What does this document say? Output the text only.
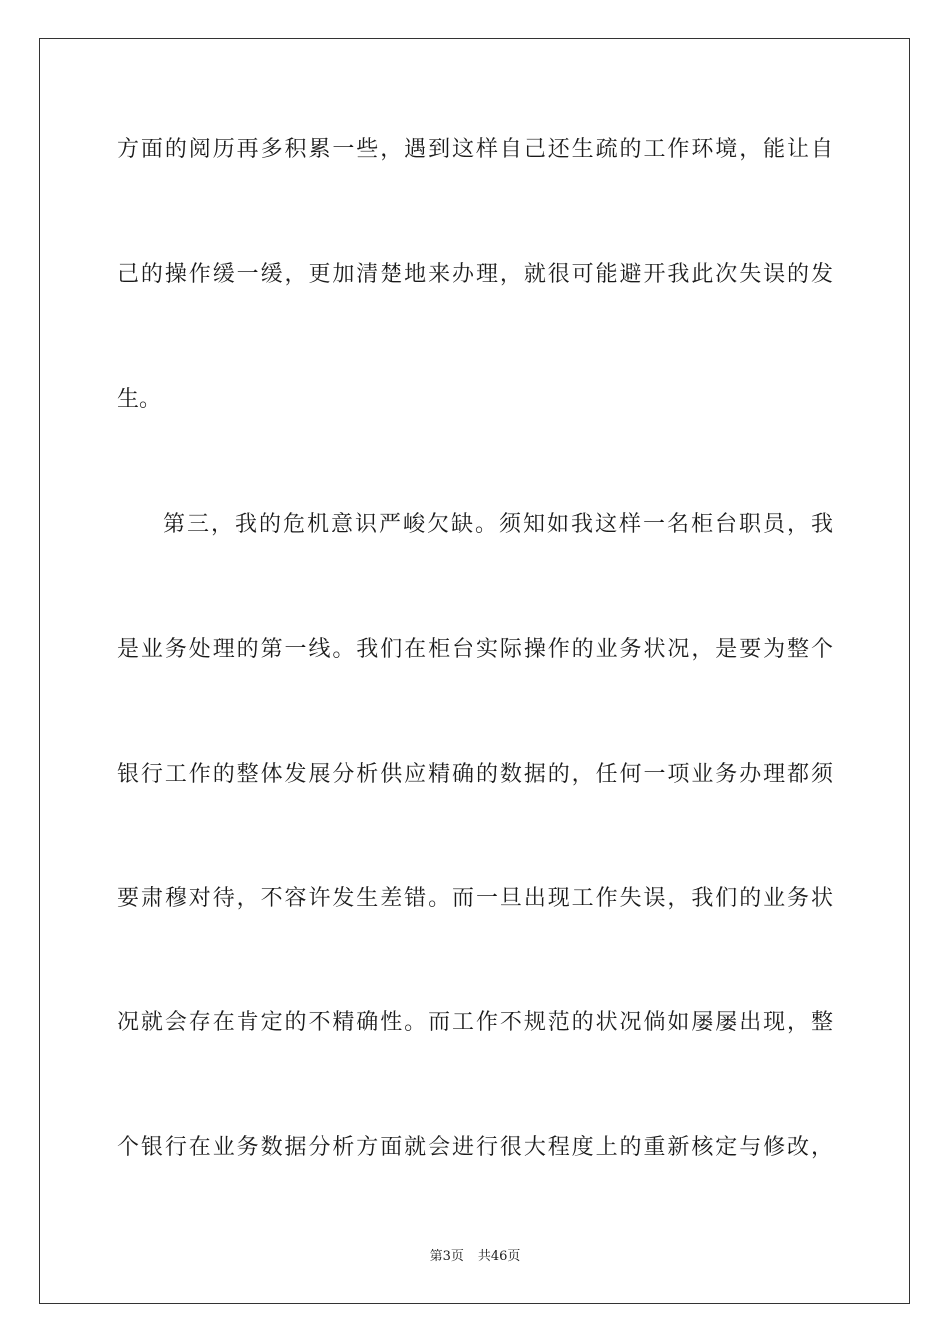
方面的阅历再多积累一些，遇到这样自己还生疏的工作环境，能让自
己的操作缓一缓，更加清楚地来办理，就很可能避开我此次失误的发
生。
第三，我的危机意识严峻欠缺。须知如我这样一名柜台职员，我
是业务处理的第一线。我们在柜台实际操作的业务状况，是要为整个
银行工作的整体发展分析供应精确的数据的，任何一项业务办理都须
要肃穆对待，不容许发生差错。而一旦出现工作失误，我们的业务状
况就会存在肯定的不精确性。而工作不规范的状况倘如屡屡出现，整
个银行在业务数据分析方面就会进行很大程度上的重新核定与修改，
第3页 共46页
